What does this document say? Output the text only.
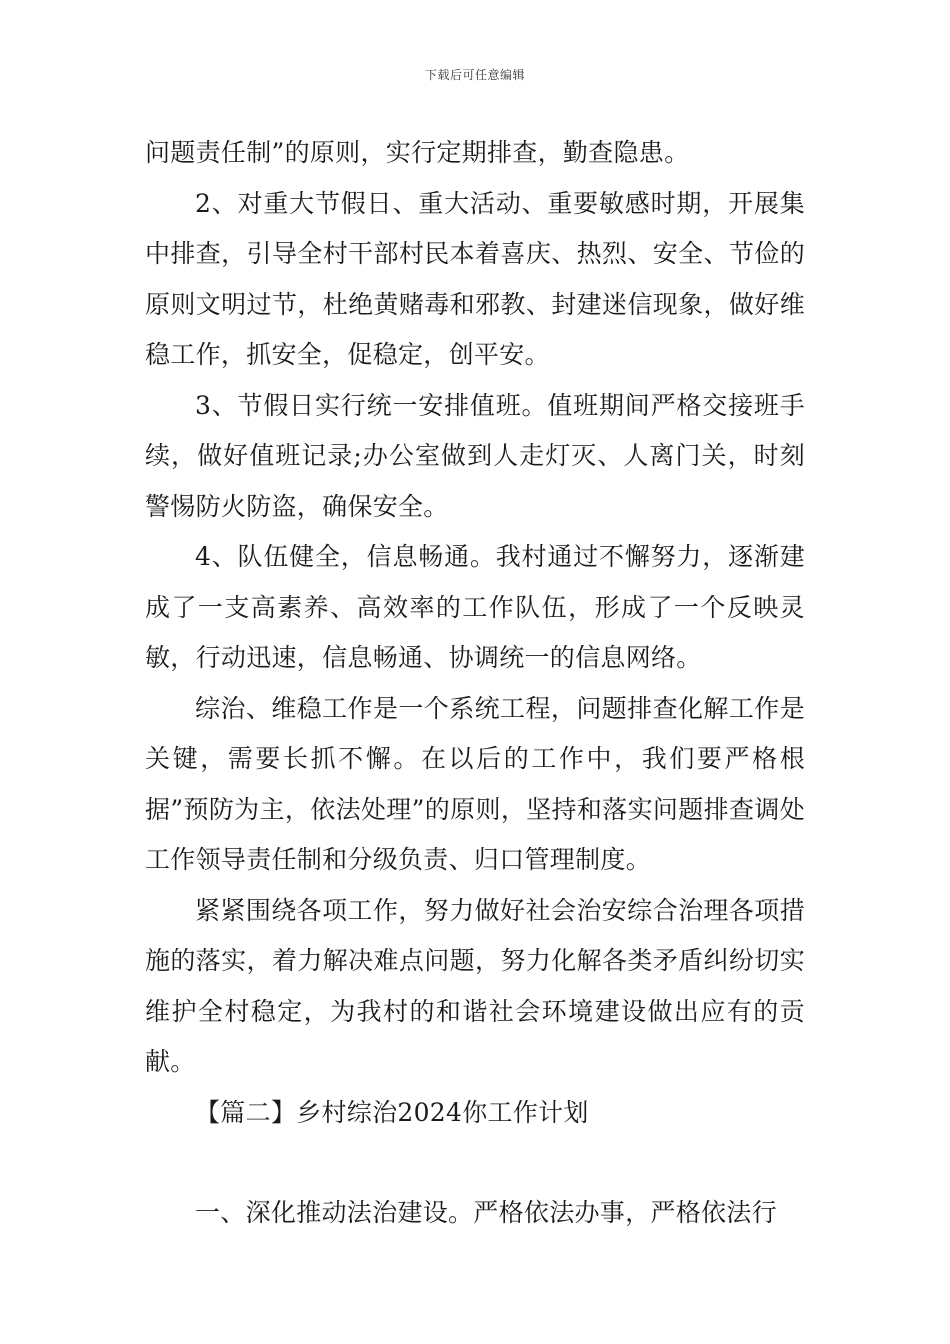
下载后可任意编辑

问题责任制”的原则，实行定期排查，勤查隐患。

2、对重大节假日、重大活动、重要敏感时期，开展集中排查，引导全村干部村民本着喜庆、热烈、安全、节俭的原则文明过节，杜绝黄赌毒和邪教、封建迷信现象，做好维稳工作，抓安全，促稳定，创平安。

3、节假日实行统一安排值班。值班期间严格交接班手续，做好值班记录;办公室做到人走灯灭、人离门关，时刻警惕防火防盗，确保安全。

4、队伍健全，信息畅通。我村通过不懈努力，逐渐建成了一支高素养、高效率的工作队伍，形成了一个反映灵敏，行动迅速，信息畅通、协调统一的信息网络。

综治、维稳工作是一个系统工程，问题排查化解工作是关键，需要长抓不懈。在以后的工作中，我们要严格根据”预防为主，依法处理”的原则，坚持和落实问题排查调处工作领导责任制和分级负责、归口管理制度。

紧紧围绕各项工作，努力做好社会治安综合治理各项措施的落实，着力解决难点问题，努力化解各类矛盾纠纷切实维护全村稳定，为我村的和谐社会环境建设做出应有的贡献。

【篇二】乡村综治2024你工作计划

一、深化推动法治建设。严格依法办事，严格依法行
